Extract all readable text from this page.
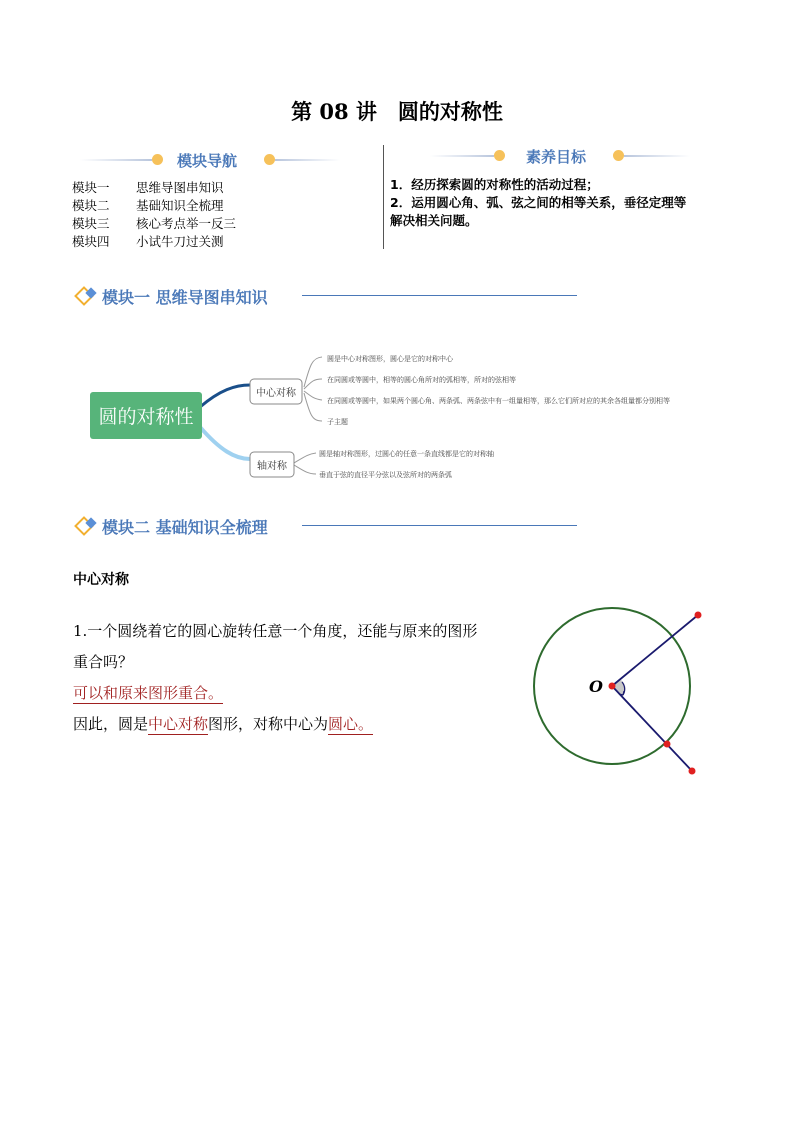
第 08 讲　圆的对称性
模块导航
模块一	思维导图串知识
模块二	基础知识全梳理
模块三	核心考点举一反三
模块四	小试牛刀过关测
素养目标
1．经历探索圆的对称性的活动过程；
2．运用圆心角、弧、弦之间的相等关系，垂径定理等
解决相关问题。
模块一 思维导图串知识
圆的对称性
中心对称
轴对称
圆是中心对称图形，圆心是它的对称中心
在同圆或等圆中，相等的圆心角所对的弧相等，所对的弦相等
在同圆或等圆中，如果两个圆心角、两条弧、两条弦中有一组量相等，那么它们所对应的其余各组量都分别相等
子主题
圆是轴对称图形，过圆心的任意一条直线都是它的对称轴
垂直于弦的直径平分弦以及弦所对的两条弧
模块二 基础知识全梳理
中心对称
1.一个圆绕着它的圆心旋转任意一个角度，还能与原来的图形
重合吗？
可以和原来图形重合。
因此，圆是中心对称图形，对称中心为圆心。
O
